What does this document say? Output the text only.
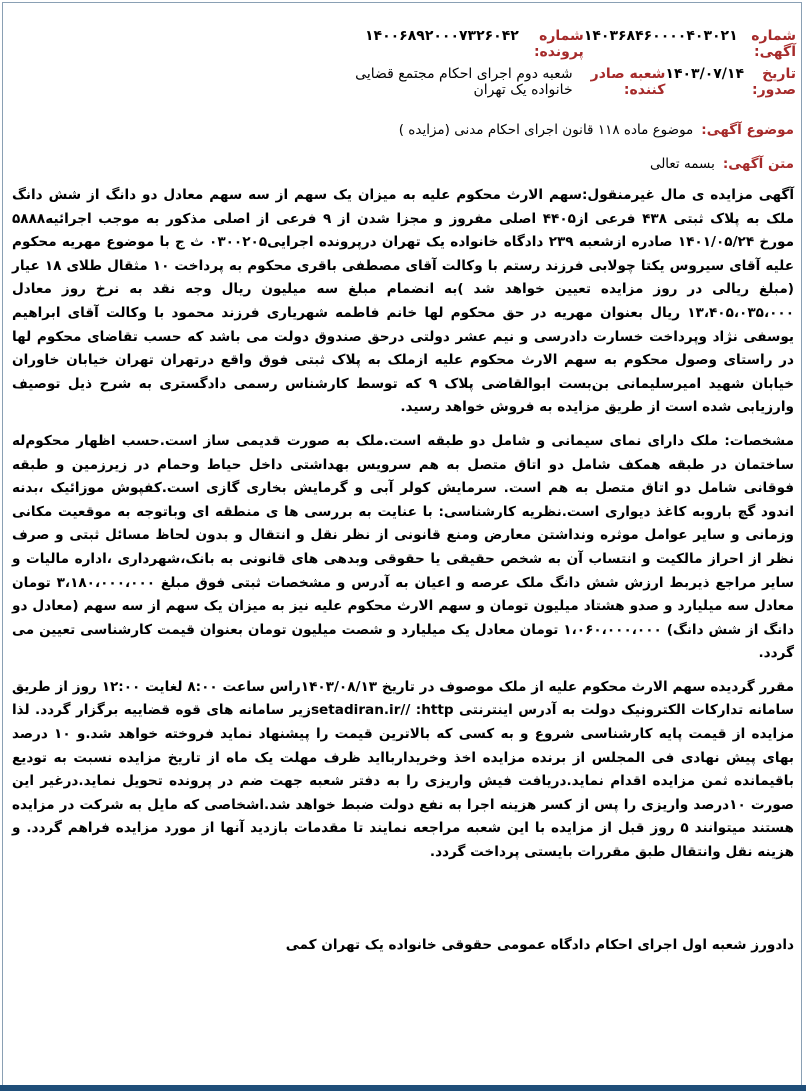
شماره آگهی:
۱۴۰۳۶۸۴۶۰۰۰۰۴۰۳۰۲۱
شماره پرونده:
۱۴۰۰۶۸۹۲۰۰۰۷۳۲۶۰۴۲
تاریخ صدور:
۱۴۰۳/۰۷/۱۴
شعبه صادر کننده:
شعبه دوم اجرای احکام مجتمع قضایی خانواده یک تهران
موضوع آگهی:
موضوع ماده ۱۱۸ قانون اجرای احکام مدنی (مزایده )
متن آگهی:
بسمه تعالی

آگهی مزایده ی مال غیرمنقول:سهم الارث محکوم علیه به میزان یک سهم از سه سهم معادل دو دانگ از شش دانگ ملک به پلاک ثبتی ۴۳۸ فرعی از۴۴۰۵ اصلی مفروز و مجزا شدن از ۹ فرعی از اصلی مذکور به موجب اجرائیه۵۸۸۸ مورخ ۱۴۰۱/۰۵/۲۴ صادره ازشعبه ۲۳۹ دادگاه خانواده یک تهران درپرونده اجرایی۰۳۰۰۲۰۵ ث ج با موضوع مهریه محکوم علیه آقای سیروس یکتا چولابی فرزند رستم با وکالت آقای مصطفی باقری محکوم به پرداخت ۱۰ مثقال طلای ۱۸ عیار (مبلغ ریالی در روز مزایده تعیین خواهد شد )به انضمام مبلغ سه میلیون ریال وجه نقد به نرخ روز معادل ۱۳،۴۰۵،۰۳۵،۰۰۰ ریال بعنوان مهریه در حق محکوم لها خانم فاطمه شهریاری فرزند محمود با وکالت آقای ابراهیم یوسفی نژاد وپرداخت خسارت دادرسی و نیم عشر دولتی درحق صندوق دولت می باشد که حسب تقاضای محکوم لها در راستای وصول محکوم به سهم الارث محکوم علیه ازملک به پلاک ثبتی فوق واقع درتهران تهران خیابان خاوران خیابان شهید امیرسلیمانی بن‌بست ابوالقاضی پلاک ۹ که توسط کارشناس رسمی دادگستری به شرح ذیل توصیف وارزیابی شده است از طریق مزایده به فروش خواهد رسید.

مشخصات: ملک دارای نمای سیمانی و شامل دو طبقه است.ملک به صورت قدیمی ساز است.حسب اظهار محکوم‌له ساختمان در طبقه همکف شامل دو اتاق متصل به هم سرویس بهداشتی داخل حیاط وحمام در زیرزمین و طبقه فوقانی شامل دو اتاق متصل به هم است. سرمایش کولر آبی و گرمایش بخاری گازی است.کفپوش موزائیک ،بدنه اندود گچ باروبه کاغذ دیواری است.نظریه کارشناسی: با عنایت به بررسی ها ی منطقه ای وباتوجه به موقعیت مکانی وزمانی و سایر عوامل موثره ونداشتن معارض ومنع قانونی از نظر نقل و انتقال و بدون لحاظ مسائل ثبتی و صرف نظر از احراز مالکیت و انتساب آن به شخص حقیقی یا حقوقی وبدهی های قانونی به بانک،شهرداری ،اداره مالیات و سایر مراجع ذیربط ارزش شش دانگ ملک عرصه و اعیان به آدرس و مشخصات ثبتی فوق مبلغ ۳،۱۸۰،۰۰۰،۰۰۰ تومان معادل سه میلیارد و صدو هشتاد میلیون تومان و سهم الارث محکوم علیه نیز به میزان یک سهم از سه سهم (معادل دو دانگ از شش دانگ) ۱،۰۶۰،۰۰۰،۰۰۰ تومان معادل یک میلیارد و شصت میلیون تومان بعنوان قیمت کارشناسی تعیین می گردد.

مقرر گردیده سهم الارث محکوم علیه از ملک موصوف در تاریخ ۱۴۰۳/۰۸/۱۳راس ساعت ۸:۰۰ لغایت ۱۲:۰۰ روز از طریق سامانه تدارکات الکترونیک دولت به آدرس اینترنتی setadiran.ir// :httpزیر سامانه های قوه قضاییه برگزار گردد. لذا مزایده از قیمت پایه کارشناسی شروع و به کسی که بالاترین قیمت را پیشنهاد نماید فروخته خواهد شد.و ۱۰ درصد بهای پیش نهادی فی المجلس از برنده مزایده اخذ وخریداربااید ظرف مهلت یک ماه از تاریخ مزایده نسبت به تودیع باقیمانده ثمن مزایده اقدام نماید.دریافت فیش واریزی را به دفتر شعبه جهت ضم در پرونده تحویل نماید.درغیر این صورت ۱۰درصد واریزی را پس از کسر هزینه اجرا به نفع دولت ضبط خواهد شد.اشخاصی که مایل به شرکت در مزایده هستند میتوانند ۵ روز قبل از مزایده با این شعبه مراجعه نمایند تا مقدمات بازدید آنها از مورد مزایده فراهم گردد. و هزینه نقل وانتقال طبق مقررات بایستی پرداخت گردد.

دادورز شعبه اول اجرای احکام دادگاه عمومی حقوقی خانواده یک تهران کمی
